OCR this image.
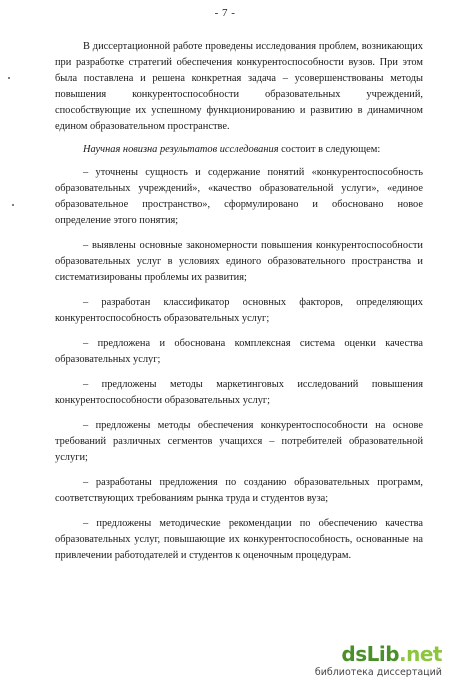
- 7 -

В диссертационной работе проведены исследования проблем, возникающих при разработке стратегий обеспечения конкурентоспособности вузов. При этом была поставлена и решена конкретная задача – усовершенствованы методы повышения конкурентоспособности образовательных учреждений, способствующие их успешному функционированию и развитию в динамичном едином образовательном пространстве.

Научная новизна результатов исследования состоит в следующем:

– уточнены сущность и содержание понятий «конкурентоспособность образовательных учреждений», «качество образовательной услуги», «единое образовательное пространство», сформулировано и обосновано новое определение этого понятия;

– выявлены основные закономерности повышения конкурентоспособности образовательных услуг в условиях единого образовательного пространства и систематизированы проблемы их развития;

– разработан классификатор основных факторов, определяющих конкурентоспособность образовательных услуг;

– предложена и обоснована комплексная система оценки качества образовательных услуг;

– предложены методы маркетинговых исследований повышения конкурентоспособности образовательных услуг;

– предложены методы обеспечения конкурентоспособности на основе требований различных сегментов учащихся – потребителей образовательной услуги;

– разработаны предложения по созданию образовательных программ, соответствующих требованиям рынка труда и студентов вуза;

– предложены методические рекомендации по обеспечению качества образовательных услуг, повышающие их конкурентоспособность, основанные на привлечении работодателей и студентов к оценочным процедурам.

dsLib.net
библиотека диссертаций
